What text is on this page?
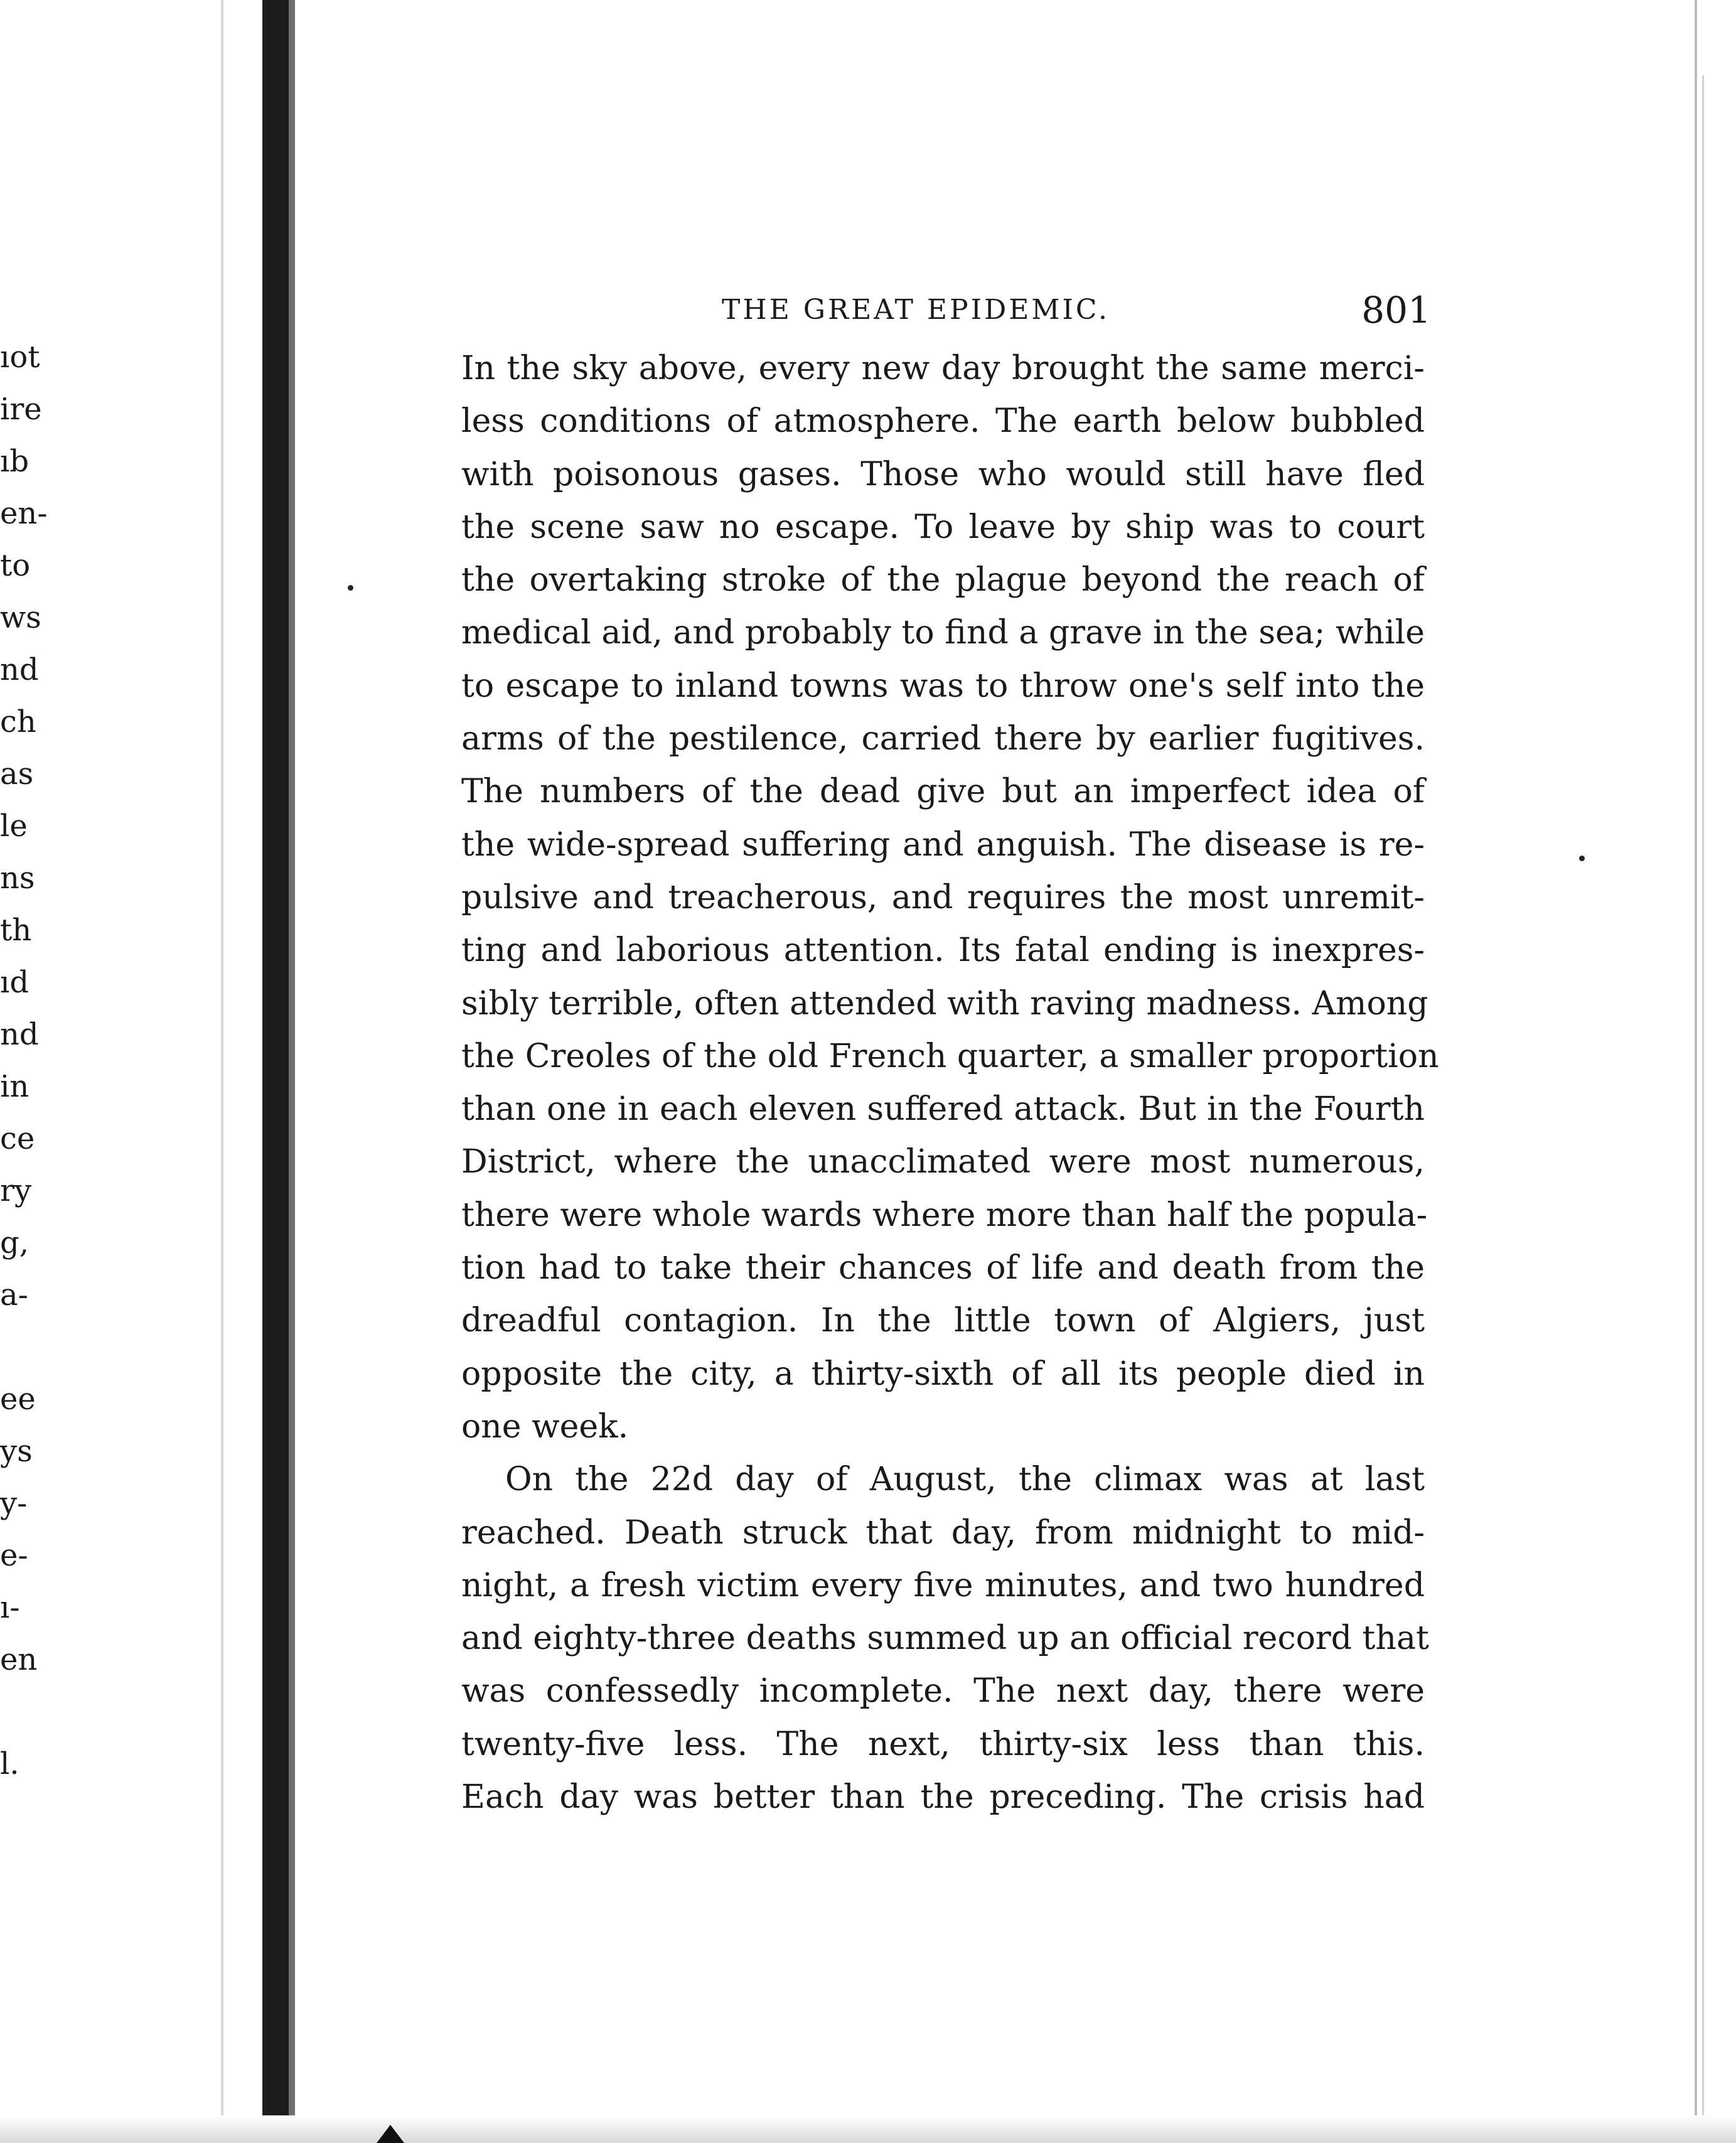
ıot
ire
ıb
en-
to
ws
nd
ch
as
le
ns
th
ıd
nd
in
ce
ry
g,
a-
ee
ys
y-
e-
ı-
en
l.
THE GREAT EPIDEMIC.	801
In the sky above, every new day brought the same merci-
less conditions of atmosphere. The earth below bubbled
with poisonous gases. Those who would still have fled
the scene saw no escape. To leave by ship was to court
the overtaking stroke of the plague beyond the reach of
medical aid, and probably to find a grave in the sea; while
to escape to inland towns was to throw one's self into the
arms of the pestilence, carried there by earlier fugitives.
The numbers of the dead give but an imperfect idea of
the wide-spread suffering and anguish. The disease is re-
pulsive and treacherous, and requires the most unremit-
ting and laborious attention. Its fatal ending is inexpres-
sibly terrible, often attended with raving madness. Among
the Creoles of the old French quarter, a smaller proportion
than one in each eleven suffered attack. But in the Fourth
District, where the unacclimated were most numerous,
there were whole wards where more than half the popula-
tion had to take their chances of life and death from the
dreadful contagion. In the little town of Algiers, just
opposite the city, a thirty-sixth of all its people died in
one week.
On the 22d day of August, the climax was at last
reached. Death struck that day, from midnight to mid-
night, a fresh victim every five minutes, and two hundred
and eighty-three deaths summed up an official record that
was confessedly incomplete. The next day, there were
twenty-five less. The next, thirty-six less than this.
Each day was better than the preceding. The crisis had
